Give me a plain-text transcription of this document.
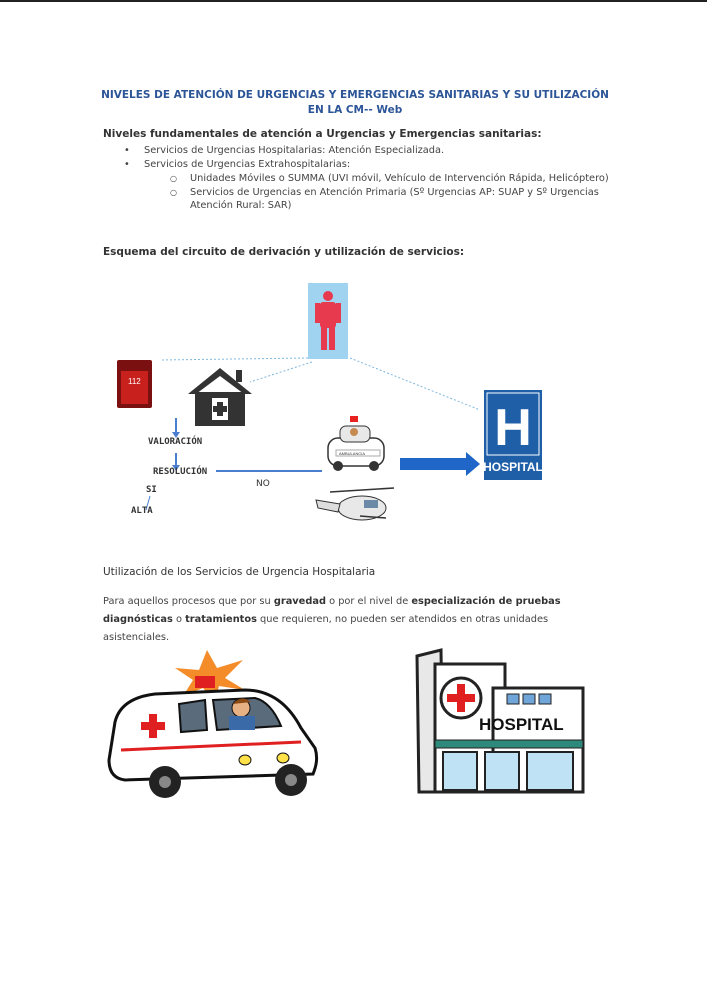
NIVELES DE ATENCIÓN DE URGENCIAS Y EMERGENCIAS SANITARIAS Y SU UTILIZACIÓN EN LA CM-- Web
Niveles fundamentales de atención a Urgencias y Emergencias sanitarias:
• Servicios de Urgencias Hospitalarias: Atención Especializada.
• Servicios de Urgencias Extrahospitalarias:
○ Unidades Móviles o SUMMA (UVI móvil, Vehículo de Intervención Rápida, Helicóptero)
○ Servicios de Urgencias en Atención Primaria (Sº Urgencias AP: SUAP y Sº Urgencias Atención Rural: SAR)
Esquema del circuito de derivación y utilización de servicios:
112
AMBULANCIA H
HOSPITAL
VALORACIÓN
RESOLUCIÓN
NO
SI
ALTA
Utilización de los Servicios de Urgencia Hospitalaria
Para aquellos procesos que por su gravedad o por el nivel de especialización de pruebas diagnósticas o tratamientos que requieren, no pueden ser atendidos en otras unidades asistenciales.
HOSPITAL
